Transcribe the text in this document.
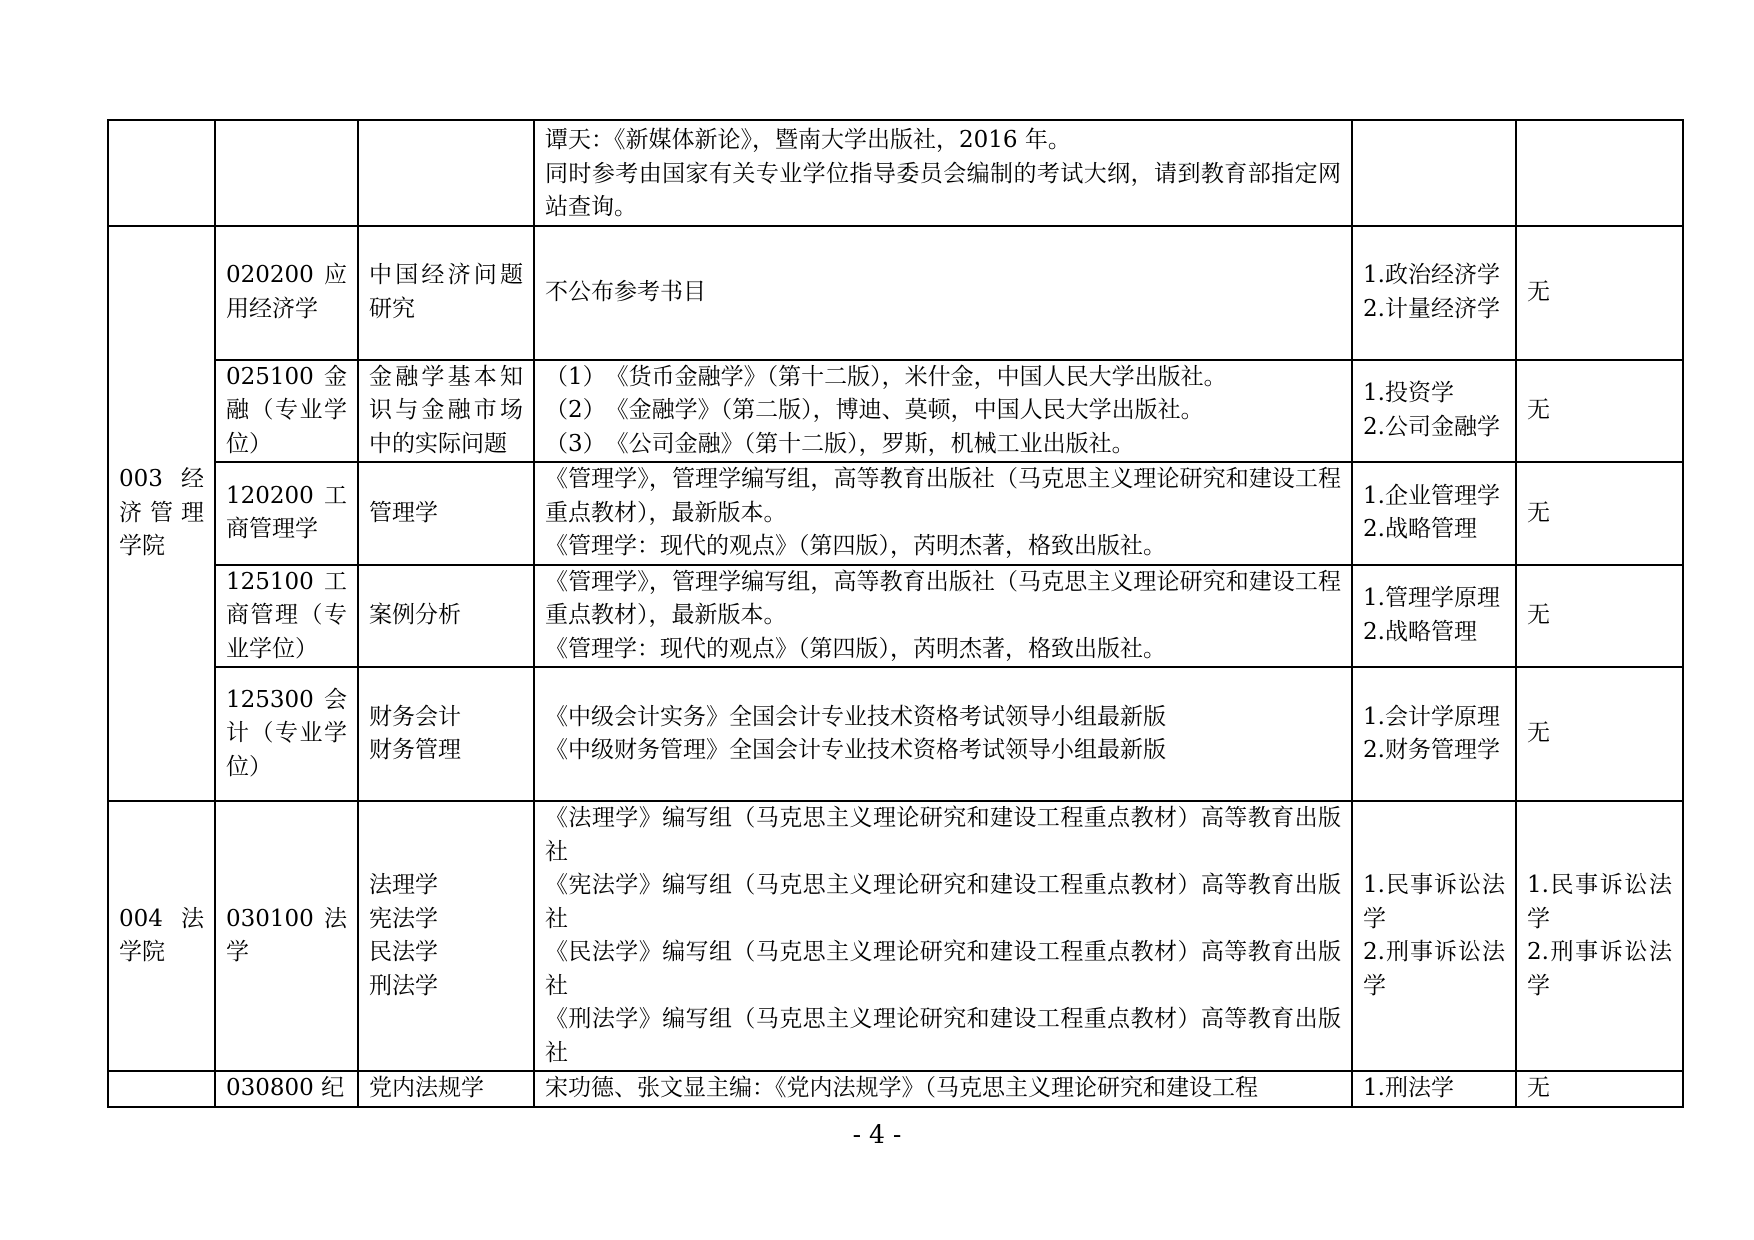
			谭天：《新媒体新论》，暨南大学出版社，2016 年。
同时参考由国家有关专业学位指导委员会编制的考试大纲，请到教育部指定网站查询。		

003 经济管理学院	020200 应用经济学	中国经济问题研究	不公布参考书目	1.政治经济学
2.计量经济学	无

	025100 金融（专业学位）	金融学基本知识与金融市场中的实际问题	（1）　《货币金融学》（第十二版），米什金，中国人民大学出版社。
（2）　《金融学》（第二版），博迪、莫顿，中国人民大学出版社。
（3）　《公司金融》（第十二版），罗斯，机械工业出版社。	1.投资学
2.公司金融学	无

	120200 工商管理学	管理学	《管理学》，管理学编写组，高等教育出版社（马克思主义理论研究和建设工程重点教材），最新版本。
《管理学：现代的观点》（第四版），芮明杰著，格致出版社。	1.企业管理学
2.战略管理	无

	125100 工商管理（专业学位）	案例分析	《管理学》，管理学编写组，高等教育出版社（马克思主义理论研究和建设工程重点教材），最新版本。
《管理学：现代的观点》（第四版），芮明杰著，格致出版社。	1.管理学原理
2.战略管理	无

	125300 会计（专业学位）	财务会计
财务管理	《中级会计实务》全国会计专业技术资格考试领导小组最新版
《中级财务管理》全国会计专业技术资格考试领导小组最新版	1.会计学原理
2.财务管理学	无

004 法学院	030100 法学	法理学
宪法学
民法学
刑法学	《法理学》编写组（马克思主义理论研究和建设工程重点教材）高等教育出版社
《宪法学》编写组（马克思主义理论研究和建设工程重点教材）高等教育出版社
《民法学》编写组（马克思主义理论研究和建设工程重点教材）高等教育出版社
《刑法学》编写组（马克思主义理论研究和建设工程重点教材）高等教育出版社	1.民事诉讼法学
2.刑事诉讼法学	1.民事诉讼法学
2.刑事诉讼法学

	030800 纪	党内法规学	宋功德、张文显主编：《党内法规学》（马克思主义理论研究和建设工程	1.刑法学	无
- 4 -
